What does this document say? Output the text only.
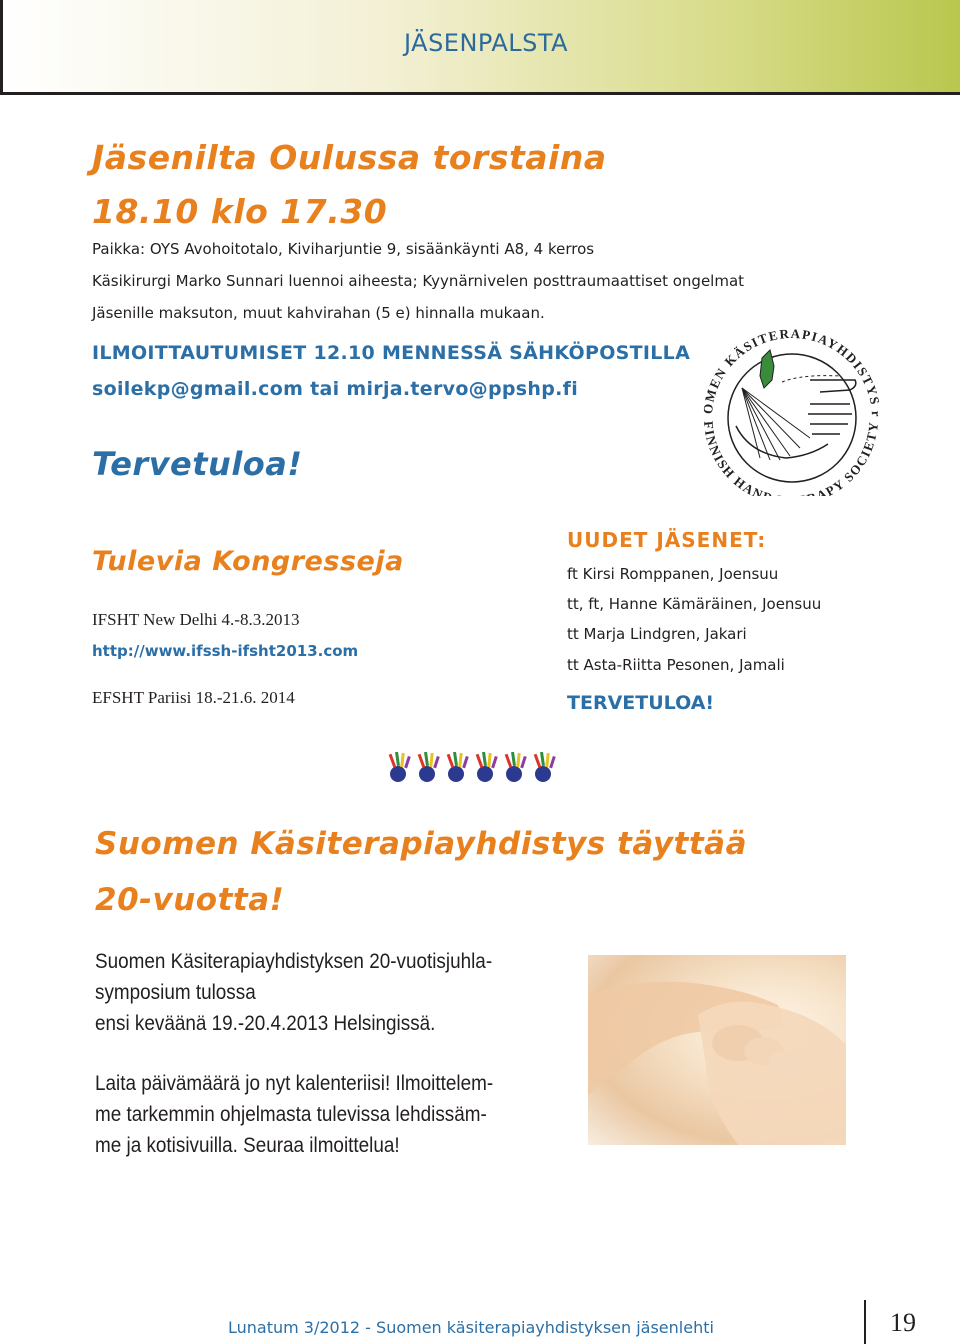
JÄSENPALSTA
Jäsenilta Oulussa torstaina
18.10 klo 17.30
Paikka: OYS Avohoitotalo, Kiviharjuntie 9, sisäänkäynti A8, 4 kerros
Käsikirurgi Marko Sunnari luennoi aiheesta; Kyynärnivelen posttraumaattiset ongelmat
Jäsenille maksuton, muut kahvirahan (5 e) hinnalla mukaan.
ILMOITTAUTUMISET 12.10 MENNESSÄ SÄHKÖPOSTILLA
soilekp@gmail.com tai mirja.tervo@ppshp.fi
Tervetuloa!
OMEN KÄSITERAPIAYHDISTYS r
FINNISH HAN APY SOCIETY
Tulevia Kongresseja
IFSHT New Delhi 4.-8.3.2013
http://www.ifssh-ifsht2013.com
EFSHT Pariisi 18.-21.6. 2014
UUDET JÄSENET:
ft Kirsi Romppanen, Joensuu
tt, ft, Hanne Kämäräinen, Joensuu
tt Marja Lindgren, Jakari
tt Asta-Riitta Pesonen, Jamali
TERVETULOA!
Suomen Käsiterapiayhdistys täyttää
20-vuotta!
Suomen Käsiterapiayhdistyksen 20-vuotisjuhla-
symposium tulossa
ensi keväänä 19.-20.4.2013 Helsingissä.
Laita päivämäärä jo nyt kalenteriisi! Ilmoittelem-
me tarkemmin ohjelmasta tulevissa lehdissäm-
me ja kotisivuilla. Seuraa ilmoittelua!
Lunatum 3/2012 - Suomen käsiterapiayhdistyksen jäsenlehti	19
